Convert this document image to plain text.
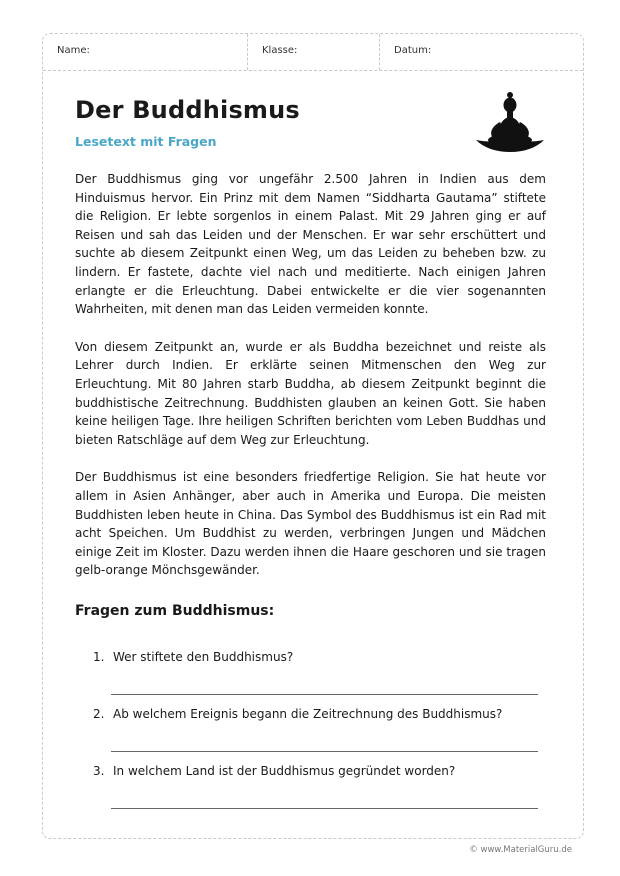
Name:	Klasse:	Datum:
Der Buddhismus
Lesetext mit Fragen

Der Buddhismus ging vor ungefähr 2.500 Jahren in Indien aus dem Hinduismus hervor. Ein Prinz mit dem Namen “Siddharta Gautama” stiftete die Religion. Er lebte sorgenlos in einem Palast. Mit 29 Jahren ging er auf Reisen und sah das Leiden und der Menschen. Er war sehr erschüttert und suchte ab diesem Zeitpunkt einen Weg, um das Leiden zu beheben bzw. zu lindern. Er fastete, dachte viel nach und meditierte. Nach einigen Jahren erlangte er die Erleuchtung. Dabei entwickelte er die vier sogenannten Wahrheiten, mit denen man das Leiden vermeiden konnte.

Von diesem Zeitpunkt an, wurde er als Buddha bezeichnet und reiste als Lehrer durch Indien. Er erklärte seinen Mitmenschen den Weg zur Erleuchtung. Mit 80 Jahren starb Buddha, ab diesem Zeitpunkt beginnt die buddhistische Zeitrechnung. Buddhisten glauben an keinen Gott. Sie haben keine heiligen Tage. Ihre heiligen Schriften berichten vom Leben Buddhas und bieten Ratschläge auf dem Weg zur Erleuchtung.

Der Buddhismus ist eine besonders friedfertige Religion. Sie hat heute vor allem in Asien Anhänger, aber auch in Amerika und Europa. Die meisten Buddhisten leben heute in China. Das Symbol des Buddhismus ist ein Rad mit acht Speichen. Um Buddhist zu werden, verbringen Jungen und Mädchen einige Zeit im Kloster. Dazu werden ihnen die Haare geschoren und sie tragen gelb-orange Mönchsgewänder.

Fragen zum Buddhismus:
1. Wer stiftete den Buddhismus?
2. Ab welchem Ereignis begann die Zeitrechnung des Buddhismus?
3. In welchem Land ist der Buddhismus gegründet worden?
© www.MaterialGuru.de
